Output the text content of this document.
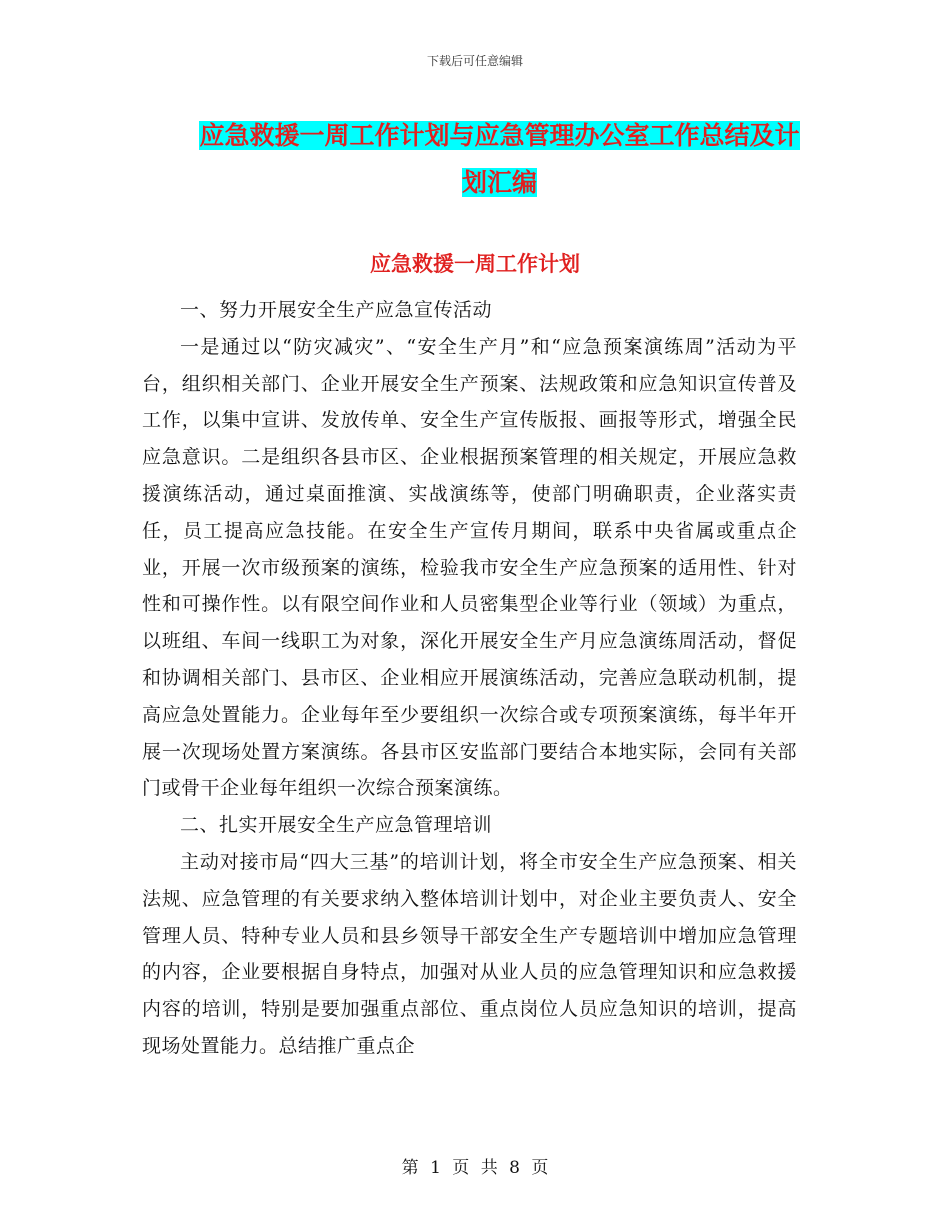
下载后可任意编辑
应急救援一周工作计划与应急管理办公室工作总结及计划汇编
应急救援一周工作计划

一、努力开展安全生产应急宣传活动

一是通过以“防灾减灾”、“安全生产月”和“应急预案演练周”活动为平台，组织相关部门、企业开展安全生产预案、法规政策和应急知识宣传普及工作，以集中宣讲、发放传单、安全生产宣传版报、画报等形式，增强全民应急意识。二是组织各县市区、企业根据预案管理的相关规定，开展应急救援演练活动，通过桌面推演、实战演练等，使部门明确职责，企业落实责任，员工提高应急技能。在安全生产宣传月期间，联系中央省属或重点企业，开展一次市级预案的演练，检验我市安全生产应急预案的适用性、针对性和可操作性。以有限空间作业和人员密集型企业等行业（领域）为重点，以班组、车间一线职工为对象，深化开展安全生产月应急演练周活动，督促和协调相关部门、县市区、企业相应开展演练活动，完善应急联动机制，提高应急处置能力。企业每年至少要组织一次综合或专项预案演练，每半年开展一次现场处置方案演练。各县市区安监部门要结合本地实际，会同有关部门或骨干企业每年组织一次综合预案演练。

二、扎实开展安全生产应急管理培训

主动对接市局“四大三基”的培训计划，将全市安全生产应急预案、相关法规、应急管理的有关要求纳入整体培训计划中，对企业主要负责人、安全管理人员、特种专业人员和县乡领导干部安全生产专题培训中增加应急管理的内容，企业要根据自身特点，加强对从业人员的应急管理知识和应急救援内容的培训，特别是要加强重点部位、重点岗位人员应急知识的培训，提高现场处置能力。总结推广重点企

第 1 页 共 8 页
